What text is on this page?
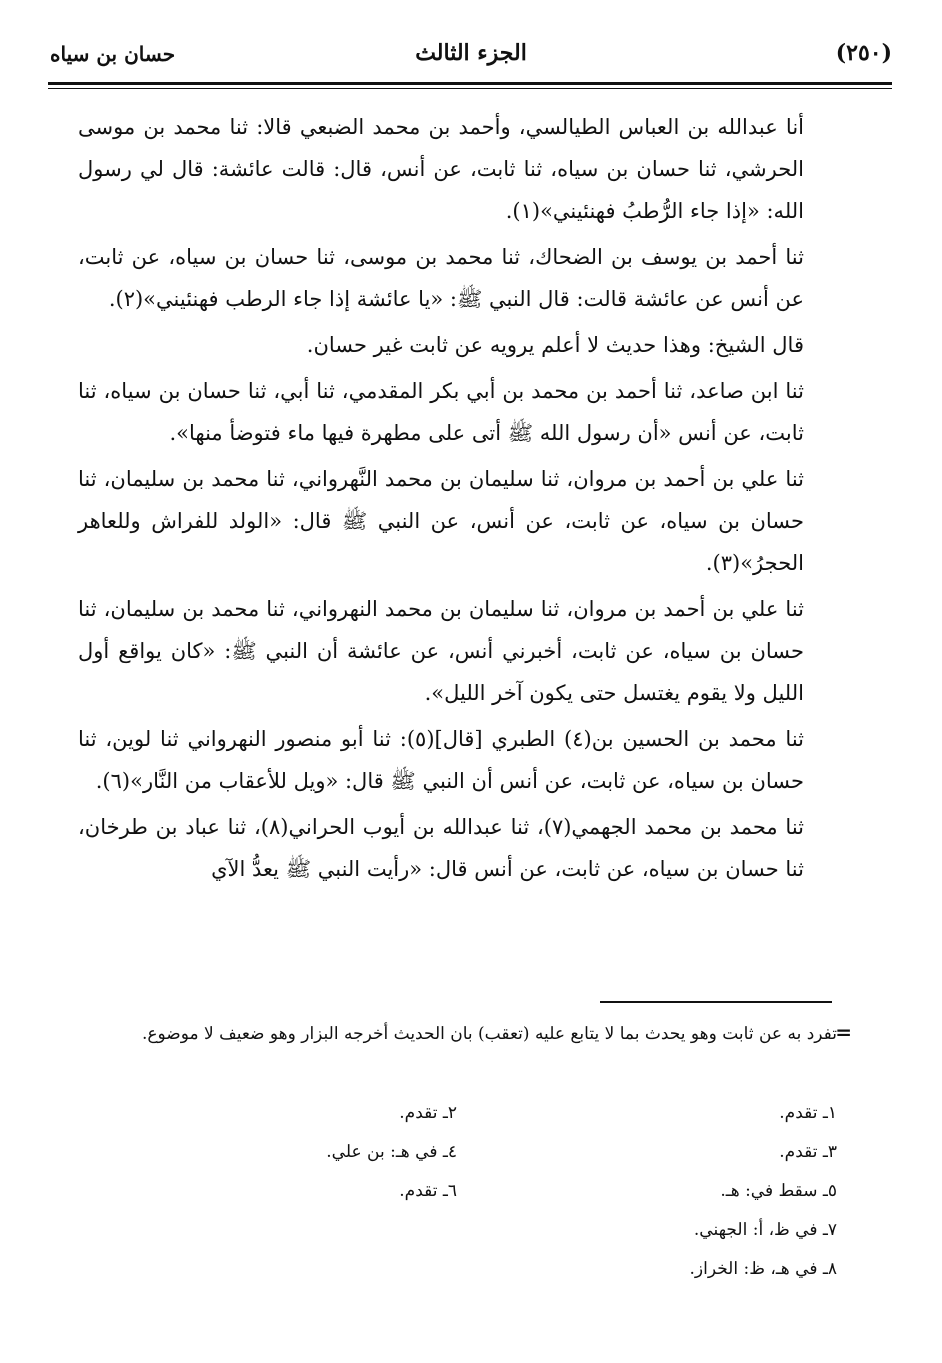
(٢٥٠)
الجزء الثالث
حسان بن سياه

أنا عبدالله بن العباس الطيالسي، وأحمد بن محمد الضبعي قالا: ثنا محمد بن موسى الحرشي، ثنا حسان بن سياه، ثنا ثابت، عن أنس، قال: قالت عائشة: قال لي رسول الله: «إذا جاء الرُّطبُ فهنئيني»(١).

ثنا أحمد بن يوسف بن الضحاك، ثنا محمد بن موسى، ثنا حسان بن سياه، عن ثابت، عن أنس عن عائشة قالت: قال النبي ﷺ: «يا عائشة إذا جاء الرطب فهنئيني»(٢).

قال الشيخ: وهذا حديث لا أعلم يرويه عن ثابت غير حسان.

ثنا ابن صاعد، ثنا أحمد بن محمد بن أبي بكر المقدمي، ثنا أبي، ثنا حسان بن سياه، ثنا ثابت، عن أنس «أن رسول الله ﷺ أتى على مطهرة فيها ماء فتوضأ منها».

ثنا علي بن أحمد بن مروان، ثنا سليمان بن محمد النَّهرواني، ثنا محمد بن سليمان، ثنا حسان بن سياه، عن ثابت، عن أنس، عن النبي ﷺ قال: «الولد للفراش وللعاهر الحجرُ»(٣).

ثنا علي بن أحمد بن مروان، ثنا سليمان بن محمد النهرواني، ثنا محمد بن سليمان، ثنا حسان بن سياه، عن ثابت، أخبرني أنس، عن عائشة أن النبي ﷺ: «كان يواقع أول الليل ولا يقوم يغتسل حتى يكون آخر الليل».

ثنا محمد بن الحسين بن(٤) الطبري [قال](٥): ثنا أبو منصور النهرواني ثنا لوين، ثنا حسان بن سياه، عن ثابت، عن أنس أن النبي ﷺ قال: «ويل للأعقاب من النَّار»(٦).

ثنا محمد بن محمد الجهمي(٧)، ثنا عبدالله بن أيوب الحراني(٨)، ثنا عباد بن طرخان، ثنا حسان بن سياه، عن ثابت، عن أنس قال: «رأيت النبي ﷺ يعدُّ الآي

=
تفرد به عن ثابت وهو يحدث بما لا يتابع عليه (تعقب) بان الحديث أخرجه البزار وهو ضعيف لا موضوع.
١ـ تقدم.
٢ـ تقدم.
٣ـ تقدم.
٤ـ في هـ: بن علي.
٥ـ سقط في: هـ.
٦ـ تقدم.
٧ـ في ظ، أ: الجهني.
٨ـ في هـ، ظ: الخراز.
